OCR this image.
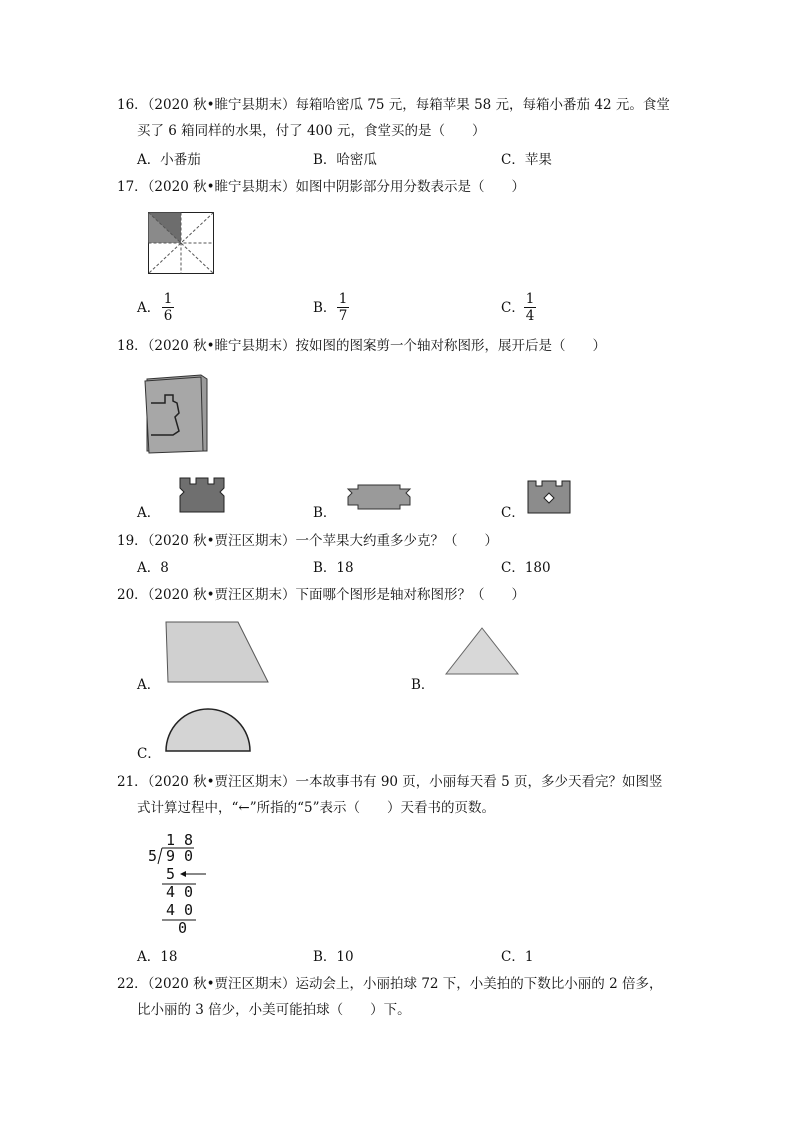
16．（2020 秋•睢宁县期末）每箱哈密瓜 75 元，每箱苹果 58 元，每箱小番茄 42 元。食堂
买了 6 箱同样的水果，付了 400 元，食堂买的是（　　）
A．小番茄	B．哈密瓜	C．苹果
17．（2020 秋•睢宁县期末）如图中阴影部分用分数表示是（　　）
A．
1
6	B．
1
7	C．
1
4
18．（2020 秋•睢宁县期末）按如图的图案剪一个轴对称图形，展开后是（　　）
A．	B．	C．
19．（2020 秋•贾汪区期末）一个苹果大约重多少克？（　　）
A．8	B．18	C．180
20．（2020 秋•贾汪区期末）下面哪个图形是轴对称图形？（　　）
A．	B．
C．
21．（2020 秋•贾汪区期末）一本故事书有 90 页，小丽每天看 5 页，多少天看完？如图竖
式计算过程中，“←”所指的“5”表示（　　）天看书的页数。
1 8
5 9 0
5
4 0
4 0
0
A．18	B．10	C．1
22．（2020 秋•贾汪区期末）运动会上，小丽拍球 72 下，小美拍的下数比小丽的 2 倍多，
比小丽的 3 倍少，小美可能拍球（　　）下。
